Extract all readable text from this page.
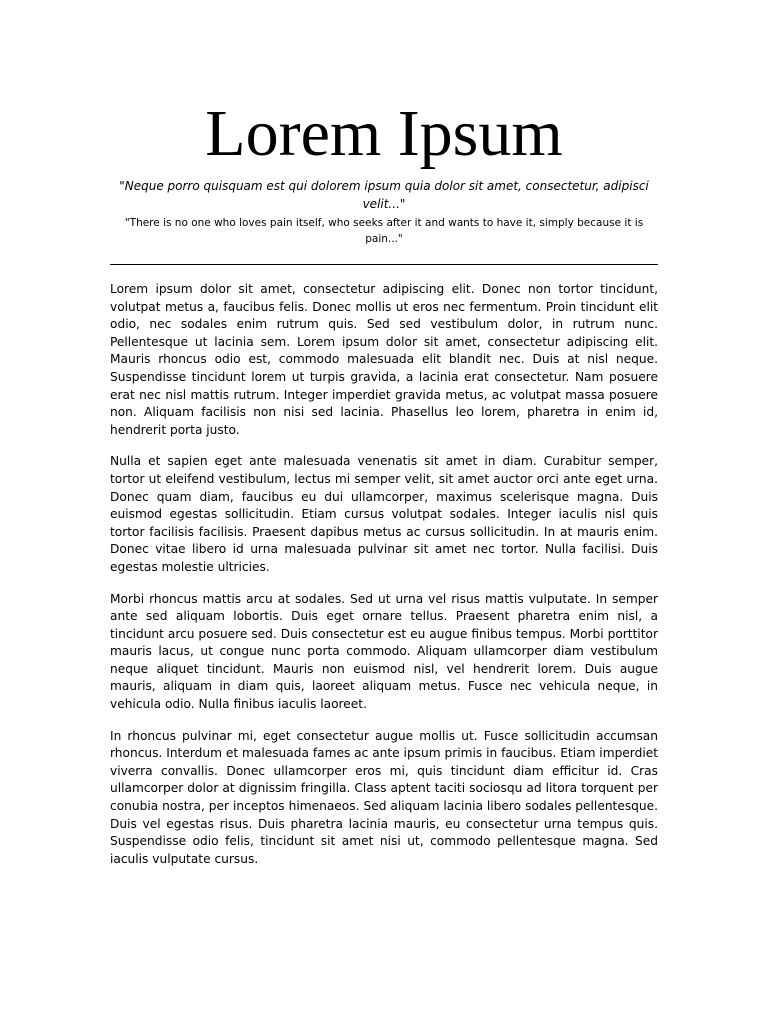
Lorem Ipsum

"Neque porro quisquam est qui dolorem ipsum quia dolor sit amet, consectetur, adipisci velit..."

"There is no one who loves pain itself, who seeks after it and wants to have it, simply because it is pain..."

Lorem ipsum dolor sit amet, consectetur adipiscing elit. Donec non tortor tincidunt, volutpat metus a, faucibus felis. Donec mollis ut eros nec fermentum. Proin tincidunt elit odio, nec sodales enim rutrum quis. Sed sed vestibulum dolor, in rutrum nunc. Pellentesque ut lacinia sem. Lorem ipsum dolor sit amet, consectetur adipiscing elit. Mauris rhoncus odio est, commodo malesuada elit blandit nec. Duis at nisl neque. Suspendisse tincidunt lorem ut turpis gravida, a lacinia erat consectetur. Nam posuere erat nec nisl mattis rutrum. Integer imperdiet gravida metus, ac volutpat massa posuere non. Aliquam facilisis non nisi sed lacinia. Phasellus leo lorem, pharetra in enim id, hendrerit porta justo.

Nulla et sapien eget ante malesuada venenatis sit amet in diam. Curabitur semper, tortor ut eleifend vestibulum, lectus mi semper velit, sit amet auctor orci ante eget urna. Donec quam diam, faucibus eu dui ullamcorper, maximus scelerisque magna. Duis euismod egestas sollicitudin. Etiam cursus volutpat sodales. Integer iaculis nisl quis tortor facilisis facilisis. Praesent dapibus metus ac cursus sollicitudin. In at mauris enim. Donec vitae libero id urna malesuada pulvinar sit amet nec tortor. Nulla facilisi. Duis egestas molestie ultricies.

Morbi rhoncus mattis arcu at sodales. Sed ut urna vel risus mattis vulputate. In semper ante sed aliquam lobortis. Duis eget ornare tellus. Praesent pharetra enim nisl, a tincidunt arcu posuere sed. Duis consectetur est eu augue finibus tempus. Morbi porttitor mauris lacus, ut congue nunc porta commodo. Aliquam ullamcorper diam vestibulum neque aliquet tincidunt. Mauris non euismod nisl, vel hendrerit lorem. Duis augue mauris, aliquam in diam quis, laoreet aliquam metus. Fusce nec vehicula neque, in vehicula odio. Nulla finibus iaculis laoreet.

In rhoncus pulvinar mi, eget consectetur augue mollis ut. Fusce sollicitudin accumsan rhoncus. Interdum et malesuada fames ac ante ipsum primis in faucibus. Etiam imperdiet viverra convallis. Donec ullamcorper eros mi, quis tincidunt diam efficitur id. Cras ullamcorper dolor at dignissim fringilla. Class aptent taciti sociosqu ad litora torquent per conubia nostra, per inceptos himenaeos. Sed aliquam lacinia libero sodales pellentesque. Duis vel egestas risus. Duis pharetra lacinia mauris, eu consectetur urna tempus quis. Suspendisse odio felis, tincidunt sit amet nisi ut, commodo pellentesque magna. Sed iaculis vulputate cursus.
